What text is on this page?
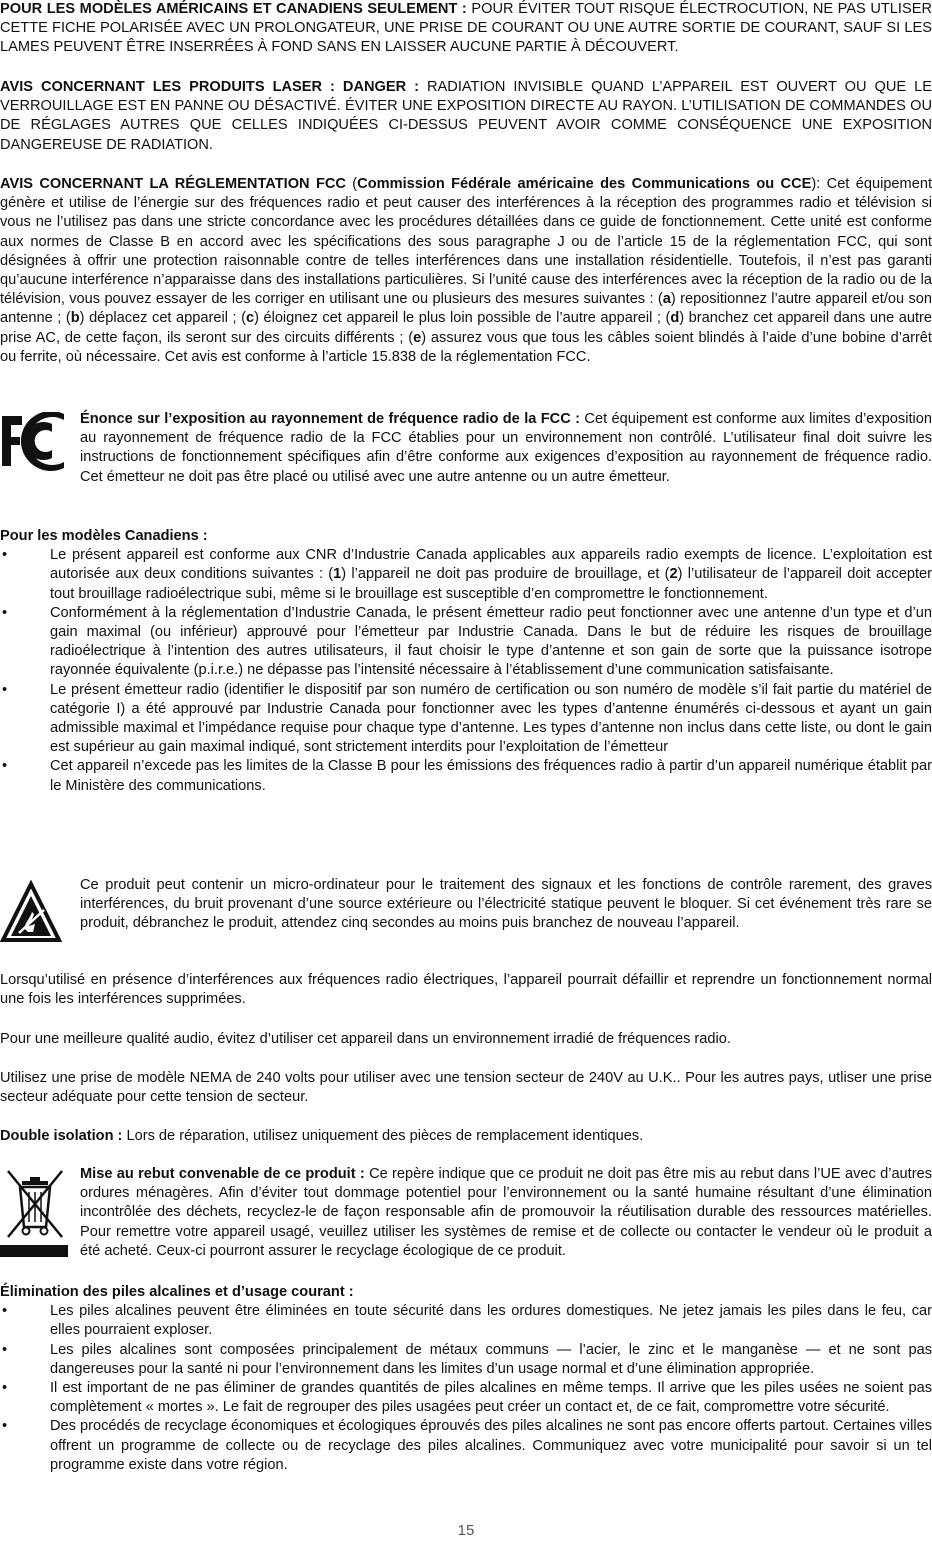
POUR LES MODÈLES AMÉRICAINS ET CANADIENS SEULEMENT : POUR ÉVITER TOUT RISQUE ÉLECTROCUTION, NE PAS UTLISER CETTE FICHE POLARISÉE AVEC UN PROLONGATEUR, UNE PRISE DE COURANT OU UNE AUTRE SORTIE DE COURANT, SAUF SI LES LAMES PEUVENT ÊTRE INSERRÉES À FOND SANS EN LAISSER AUCUNE PARTIE À DÉCOUVERT.

AVIS CONCERNANT LES PRODUITS LASER : DANGER : RADIATION INVISIBLE QUAND L’APPAREIL EST OUVERT OU QUE LE VERROUILLAGE EST EN PANNE OU DÉSACTIVÉ. ÉVITER UNE EXPOSITION DIRECTE AU RAYON. L’UTILISATION DE COMMANDES OU DE RÉGLAGES AUTRES QUE CELLES INDIQUÉES CI-DESSUS PEUVENT AVOIR COMME CONSÉQUENCE UNE EXPOSITION DANGEREUSE DE RADIATION.

AVIS CONCERNANT LA RÉGLEMENTATION FCC (Commission Fédérale américaine des Communications ou CCE): Cet équipement génère et utilise de l’énergie sur des fréquences radio et peut causer des interférences à la réception des programmes radio et télévision si vous ne l’utilisez pas dans une stricte concordance avec les procédures détaillées dans ce guide de fonctionnement. Cette unité est conforme aux normes de Classe B en accord avec les spécifications des sous paragraphe J ou de l’article 15 de la réglementation FCC, qui sont désignées à offrir une protection raisonnable contre de telles interférences dans une installation résidentielle. Toutefois, il n’est pas garanti qu’aucune interférence n’apparaisse dans des installations particulières. Si l’unité cause des interférences avec la réception de la radio ou de la télévision, vous pouvez essayer de les corriger en utilisant une ou plusieurs des mesures suivantes : (a) repositionnez l’autre appareil et/ou son antenne ; (b) déplacez cet appareil ; (c) éloignez cet appareil le plus loin possible de l’autre appareil ; (d) branchez cet appareil dans une autre prise AC, de cette façon, ils seront sur des circuits différents ; (e) assurez vous que tous les câbles soient blindés à l’aide d’une bobine d’arrêt ou ferrite, où nécessaire. Cet avis est conforme à l’article 15.838 de la réglementation FCC.

Énonce sur l’exposition au rayonnement de fréquence radio de la FCC : Cet équipement est conforme aux limites d’exposition au rayonnement de fréquence radio de la FCC établies pour un environnement non contrôlé. L’utilisateur final doit suivre les instructions de fonctionnement spécifiques afin d’être conforme aux exigences d’exposition au rayonnement de fréquence radio. Cet émetteur ne doit pas être placé ou utilisé avec une autre antenne ou un autre émetteur.

Pour les modèles Canadiens :

•	Le présent appareil est conforme aux CNR d’Industrie Canada applicables aux appareils radio exempts de licence. L’exploitation est autorisée aux deux conditions suivantes : (1) l’appareil ne doit pas produire de brouillage, et (2) l’utilisateur de l’appareil doit accepter tout brouillage radioélectrique subi, même si le brouillage est susceptible d’en compromettre le fonctionnement.
•	Conformément à la réglementation d’Industrie Canada, le présent émetteur radio peut fonctionner avec une antenne d’un type et d’un gain maximal (ou inférieur) approuvé pour l’émetteur par Industrie Canada. Dans le but de réduire les risques de brouillage radioélectrique à l’intention des autres utilisateurs, il faut choisir le type d’antenne et son gain de sorte que la puissance isotrope rayonnée équivalente (p.i.r.e.) ne dépasse pas l’intensité nécessaire à l’établissement d’une communication satisfaisante.
•	Le présent émetteur radio (identifier le dispositif par son numéro de certification ou son numéro de modèle s’il fait partie du matériel de catégorie I) a été approuvé par Industrie Canada pour fonctionner avec les types d’antenne énumérés ci-dessous et ayant un gain admissible maximal et l’impédance requise pour chaque type d’antenne. Les types d’antenne non inclus dans cette liste, ou dont le gain est supérieur au gain maximal indiqué, sont strictement interdits pour l’exploitation de l’émetteur
•	Cet appareil n’excede pas les limites de la Classe B pour les émissions des fréquences radio à partir d’un appareil numérique établit par le Ministère des communications.

Ce produit peut contenir un micro-ordinateur pour le traitement des signaux et les fonctions de contrôle rarement, des graves interférences, du bruit provenant d’une source extérieure ou l’électricité statique peuvent le bloquer. Si cet événement très rare se produit, débranchez le produit, attendez cinq secondes au moins puis branchez de nouveau l’appareil.

Lorsqu’utilisé en présence d’interférences aux fréquences radio électriques, l’appareil pourrait défaillir et reprendre un fonctionnement normal une fois les interférences supprimées.

Pour une meilleure qualité audio, évitez d’utiliser cet appareil dans un environnement irradié de fréquences radio.

Utilisez une prise de modèle NEMA de 240 volts pour utiliser avec une tension secteur de 240V au U.K.. Pour les autres pays, utliser une prise secteur adéquate pour cette tension de secteur.

Double isolation : Lors de réparation, utilisez uniquement des pièces de remplacement identiques.

Mise au rebut convenable de ce produit : Ce repère indique que ce produit ne doit pas être mis au rebut dans l’UE avec d’autres ordures ménagères. Afin d’éviter tout dommage potentiel pour l’environnement ou la santé humaine résultant d’une élimination incontrôlée des déchets, recyclez-le de façon responsable afin de promouvoir la réutilisation durable des ressources matérielles. Pour remettre votre appareil usagé, veuillez utiliser les systèmes de remise et de collecte ou contacter le vendeur où le produit a été acheté. Ceux-ci pourront assurer le recyclage écologique de ce produit.

Élimination des piles alcalines et d’usage courant :

•	Les piles alcalines peuvent être éliminées en toute sécurité dans les ordures domestiques. Ne jetez jamais les piles dans le feu, car elles pourraient exploser.
•	Les piles alcalines sont composées principalement de métaux communs — l’acier, le zinc et le manganèse — et ne sont pas dangereuses pour la santé ni pour l’environnement dans les limites d’un usage normal et d’une élimination appropriée.
•	Il est important de ne pas éliminer de grandes quantités de piles alcalines en même temps. Il arrive que les piles usées ne soient pas complètement « mortes ». Le fait de regrouper des piles usagées peut créer un contact et, de ce fait, compromettre votre sécurité.
•	Des procédés de recyclage économiques et écologiques éprouvés des piles alcalines ne sont pas encore offerts partout. Certaines villes offrent un programme de collecte ou de recyclage des piles alcalines. Communiquez avec votre municipalité pour savoir si un tel programme existe dans votre région.
15
